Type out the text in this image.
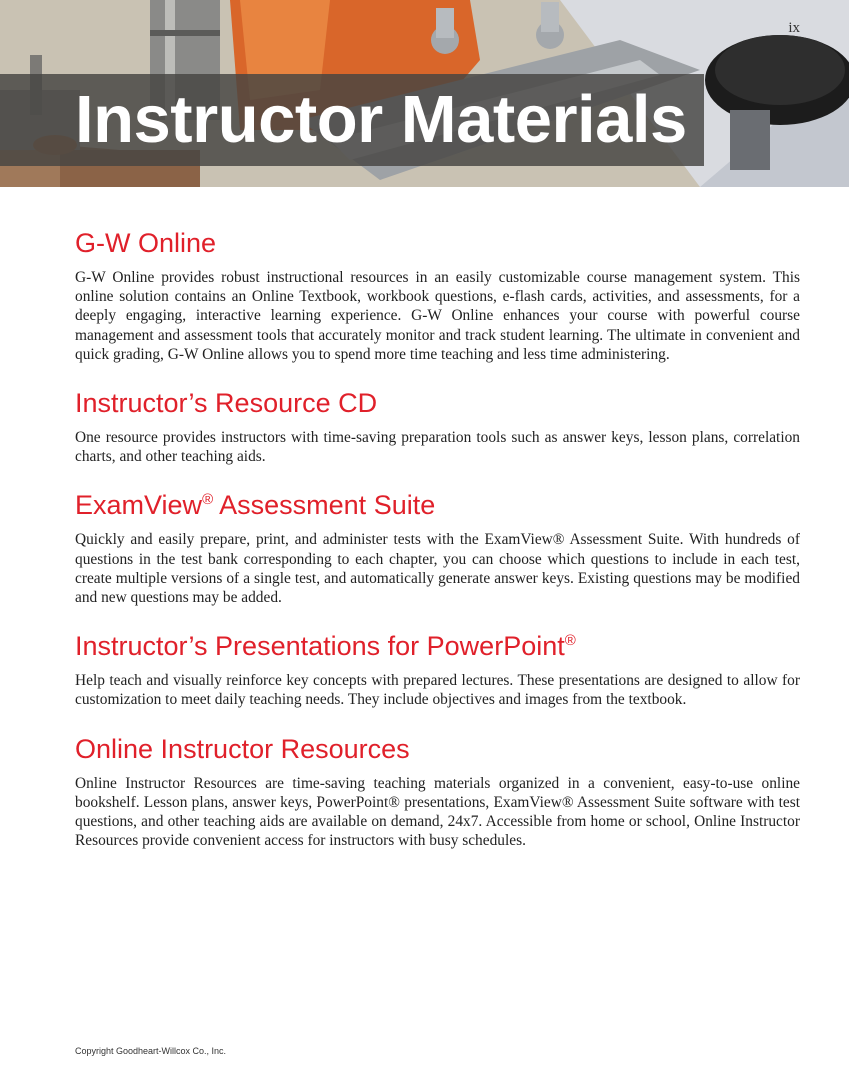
Instructor Materials
ix
G-W Online

G-W Online provides robust instructional resources in an easily customizable course management system. This online solution contains an Online Textbook, workbook questions, e-flash cards, activities, and assessments, for a deeply engaging, interactive learning experience. G-W Online enhances your course with powerful course management and assessment tools that accurately monitor and track student learning. The ultimate in convenient and quick grading, G-W Online allows you to spend more time teaching and less time administering.

Instructor’s Resource CD

One resource provides instructors with time-saving preparation tools such as answer keys, lesson plans, correlation charts, and other teaching aids.

ExamView® Assessment Suite

Quickly and easily prepare, print, and administer tests with the ExamView® Assessment Suite. With hundreds of questions in the test bank corresponding to each chapter, you can choose which questions to include in each test, create multiple versions of a single test, and automatically generate answer keys. Existing questions may be modified and new questions may be added.

Instructor’s Presentations for PowerPoint®

Help teach and visually reinforce key concepts with prepared lectures. These presentations are designed to allow for customization to meet daily teaching needs. They include objectives and images from the textbook.

Online Instructor Resources

Online Instructor Resources are time-saving teaching materials organized in a convenient, easy-to-use online bookshelf. Lesson plans, answer keys, PowerPoint® presentations, ExamView® Assessment Suite software with test questions, and other teaching aids are available on demand, 24x7. Accessible from home or school, Online Instructor Resources provide convenient access for instructors with busy schedules.

Copyright Goodheart-Willcox Co., Inc.
